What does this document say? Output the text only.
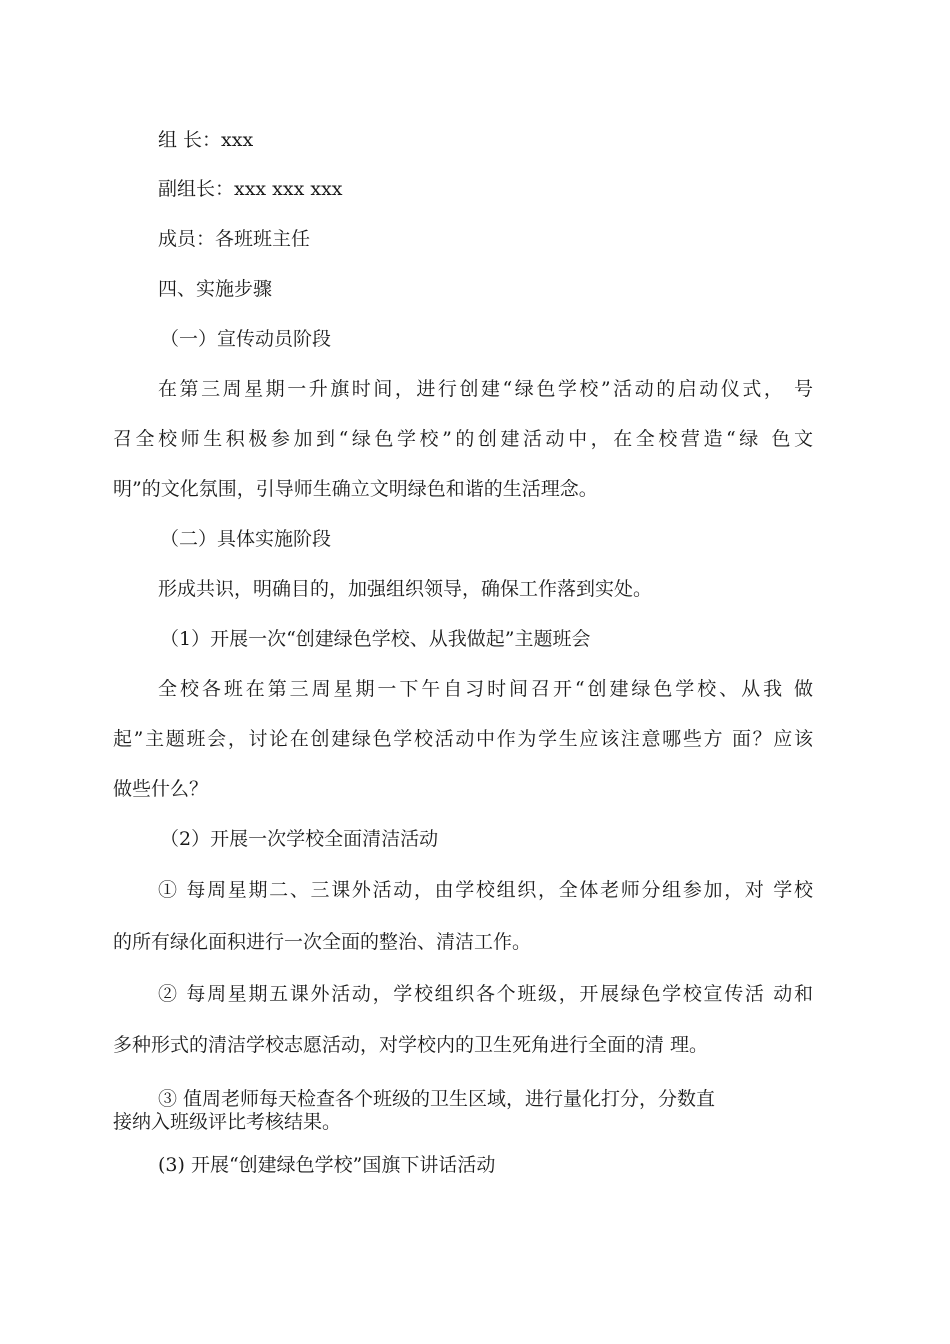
组 长：xxx

副组长：xxx xxx xxx

成员：各班班主任

四、实施步骤

（一）宣传动员阶段

在第三周星期一升旗时间，进行创建“绿色学校”活动的启动仪式， 号

召全校师生积极参加到“绿色学校”的创建活动中，在全校营造“绿 色文

明”的文化氛围，引导师生确立文明绿色和谐的生活理念。

（二）具体实施阶段

形成共识，明确目的，加强组织领导，确保工作落到实处。

（1）开展一次“创建绿色学校、从我做起”主题班会

全校各班在第三周星期一下午自习时间召开“创建绿色学校、从我 做

起”主题班会，讨论在创建绿色学校活动中作为学生应该注意哪些方 面？应该

做些什么？

（2）开展一次学校全面清洁活动

① 每周星期二、三课外活动，由学校组织，全体老师分组参加，对 学校

的所有绿化面积进行一次全面的整治、清洁工作。

② 每周星期五课外活动，学校组织各个班级，开展绿色学校宣传活 动和

多种形式的清洁学校志愿活动，对学校内的卫生死角进行全面的清 理。

③ 值周老师每天检查各个班级的卫生区域，进行量化打分，分数直

接纳入班级评比考核结果。

(3) 开展“创建绿色学校”国旗下讲话活动
